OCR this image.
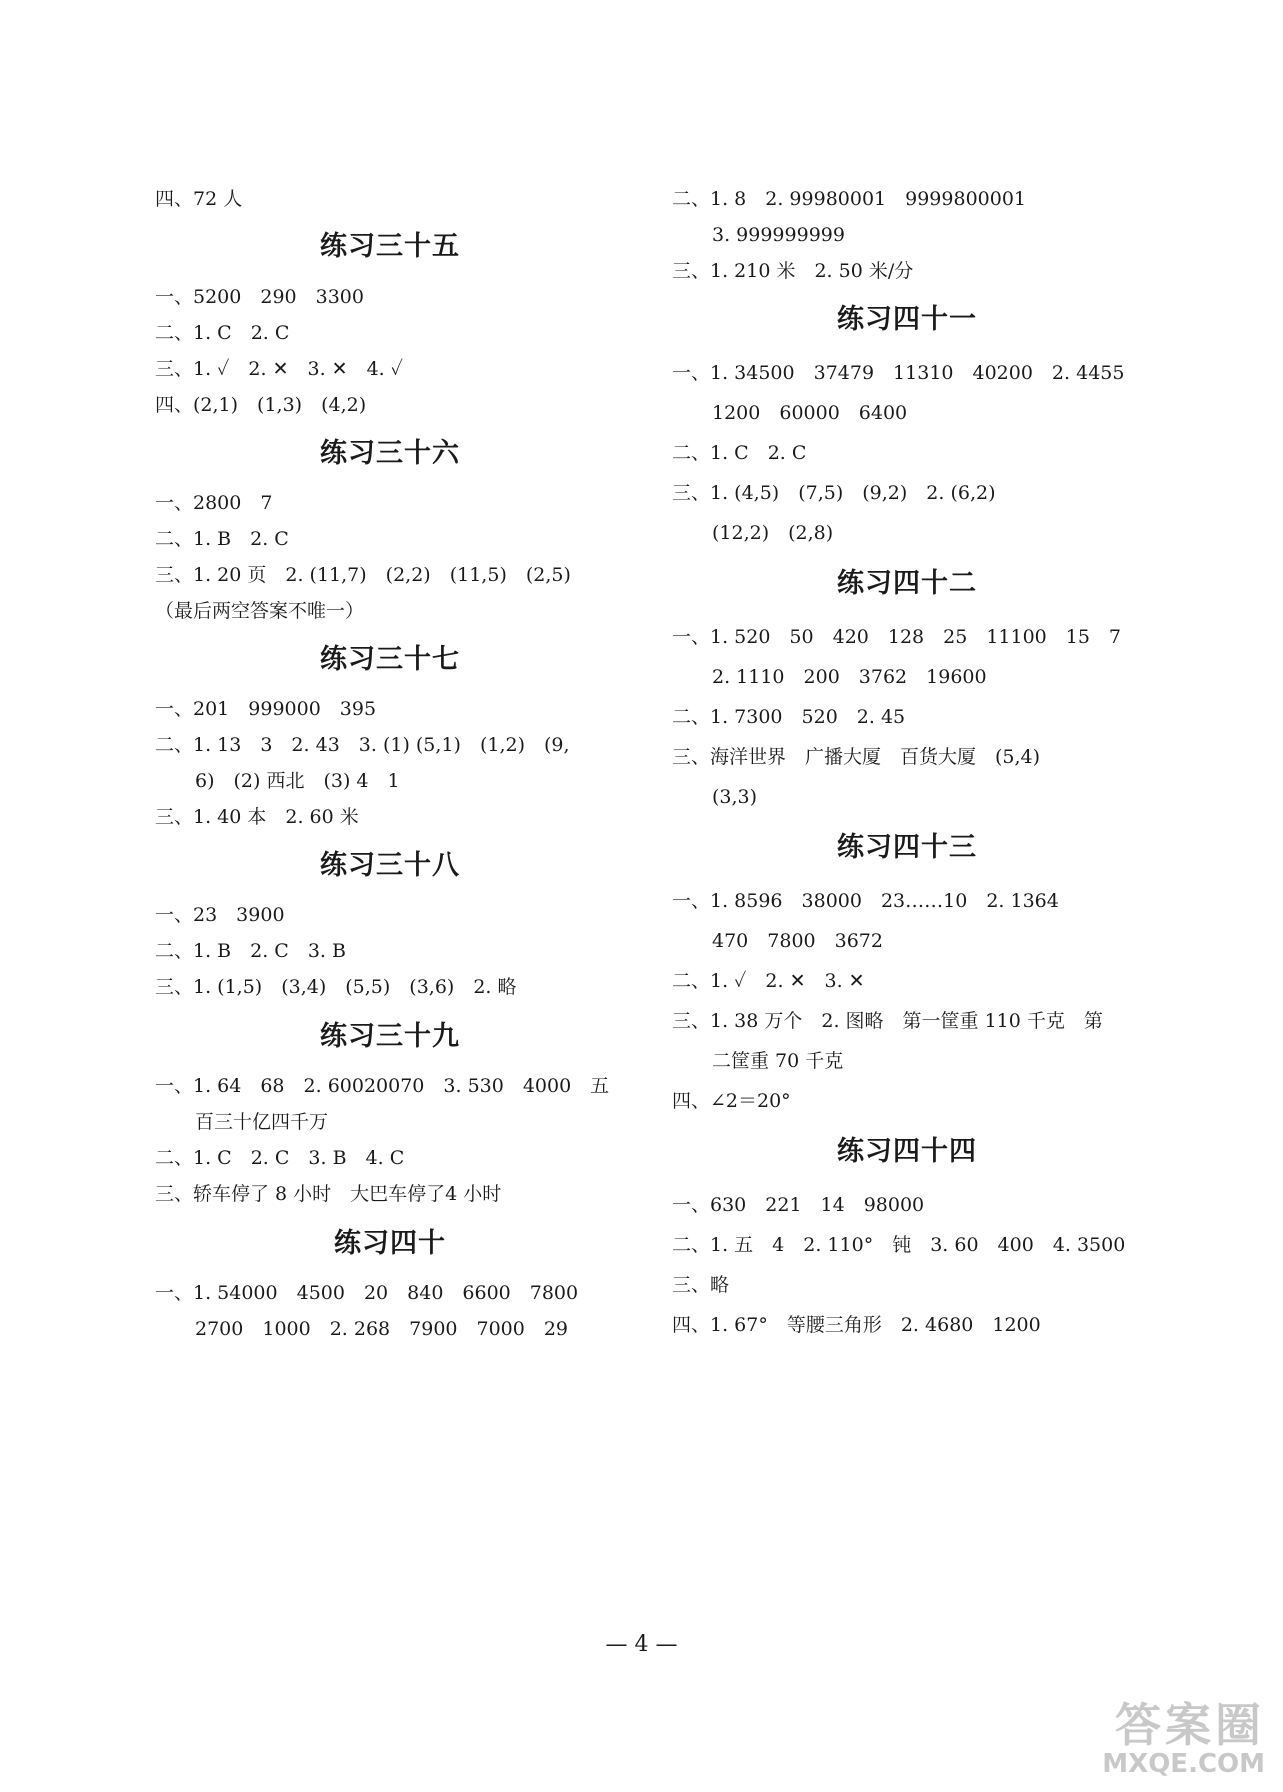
四、72 人
练习三十五
一、5200　290　3300
二、1. C　2. C
三、1. ✓　2. ✕　3. ✕　4. ✓
四、(2,1)　(1,3)　(4,2)
练习三十六
一、2800　7
二、1. B　2. C
三、1. 20 页　2. (11,7)　(2,2)　(11,5)　(2,5)
（最后两空答案不唯一）
练习三十七
一、201　999000　395
二、1. 13　3　2. 43　3. (1) (5,1)　(1,2)　(9,
6)　(2) 西北　(3) 4　1
三、1. 40 本　2. 60 米
练习三十八
一、23　3900
二、1. B　2. C　3. B
三、1. (1,5)　(3,4)　(5,5)　(3,6)　2. 略
练习三十九
一、1. 64　68　2. 60020070　3. 530　4000　五
百三十亿四千万
二、1. C　2. C　3. B　4. C
三、轿车停了 8 小时　大巴车停了4 小时
练习四十
一、1. 54000　4500　20　840　6600　7800
2700　1000　2. 268　7900　7000　29
二、1. 8　2. 99980001　9999800001
3. 999999999
三、1. 210 米　2. 50 米/分
练习四十一
一、1. 34500　37479　11310　40200　2. 4455
1200　60000　6400
二、1. C　2. C
三、1. (4,5)　(7,5)　(9,2)　2. (6,2)
(12,2)　(2,8)
练习四十二
一、1. 520　50　420　128　25　11100　15　7
2. 1110　200　3762　19600
二、1. 7300　520　2. 45
三、海洋世界　广播大厦　百货大厦　(5,4)
(3,3)
练习四十三
一、1. 8596　38000　23……10　2. 1364
470　7800　3672
二、1. ✓　2. ✕　3. ✕
三、1. 38 万个　2. 图略　第一筐重 110 千克　第
二筐重 70 千克
四、∠2＝20°
练习四十四
一、630　221　14　98000
二、1. 五　4　2. 110°　钝　3. 60　400　4. 3500
三、略
四、1. 67°　等腰三角形　2. 4680　1200
— 4 —
答案圈
MXQE.COM
